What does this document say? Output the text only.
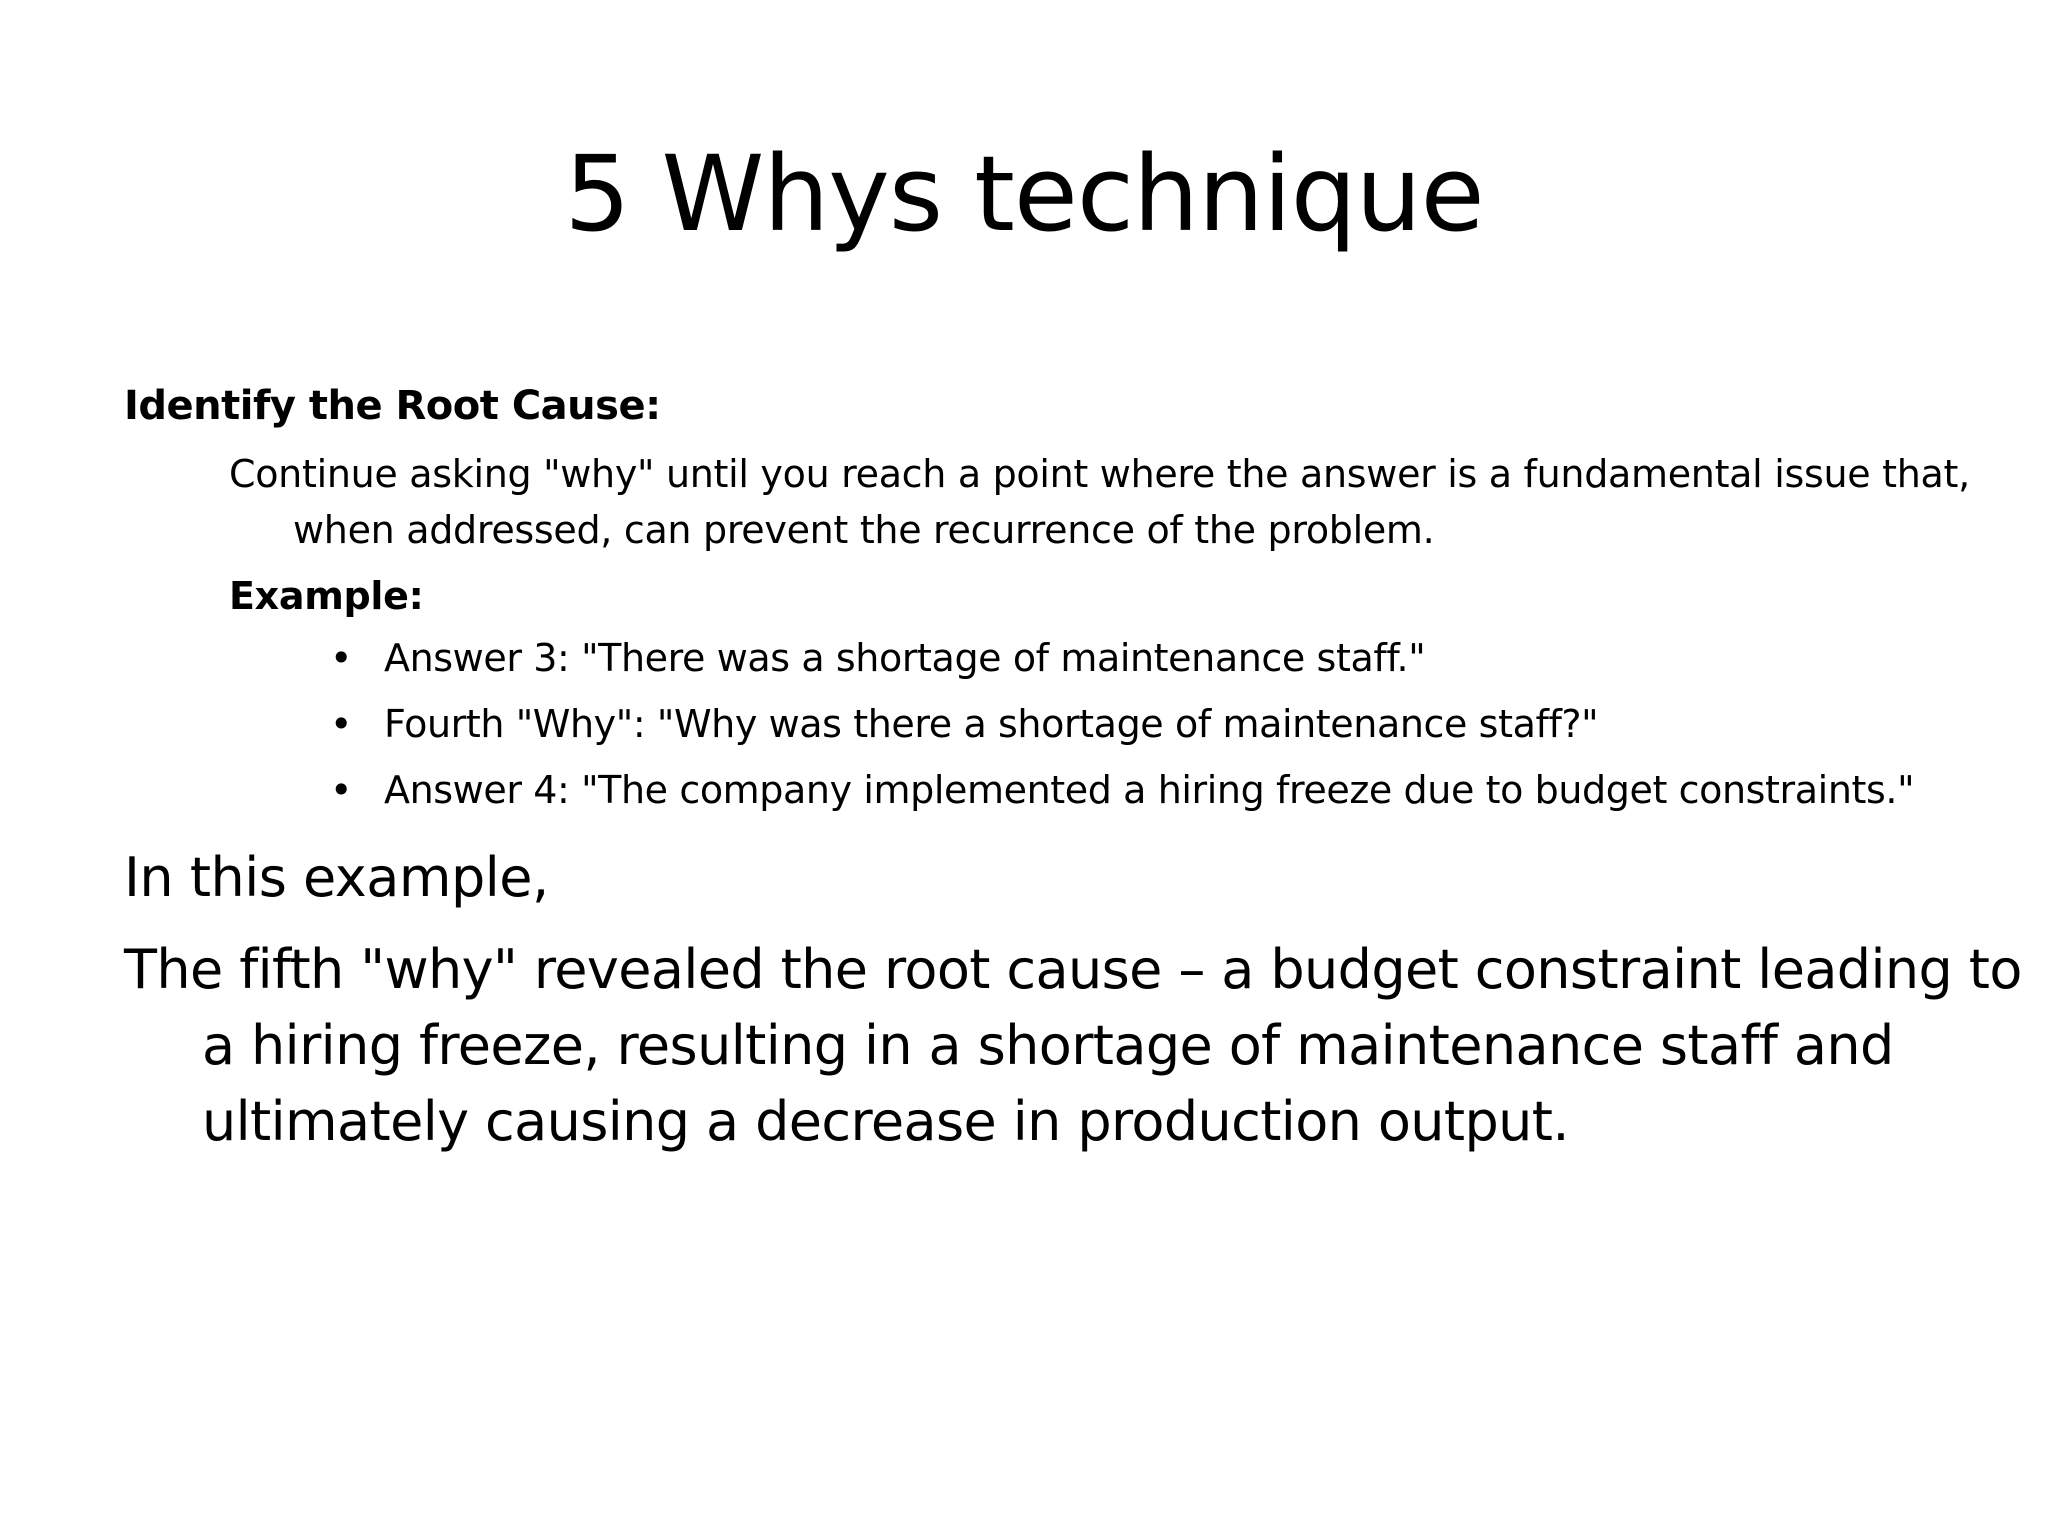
5 Whys technique
Identify the Root Cause:
Continue asking "why" until you reach a point where the answer is a fundamental issue that, when addressed, can prevent the recurrence of the problem.
Example:
• Answer 3: "There was a shortage of maintenance staff."
• Fourth "Why": "Why was there a shortage of maintenance staff?"
• Answer 4: "The company implemented a hiring freeze due to budget constraints."
In this example,
The fifth "why" revealed the root cause – a budget constraint leading to a hiring freeze, resulting in a shortage of maintenance staff and ultimately causing a decrease in production output.
